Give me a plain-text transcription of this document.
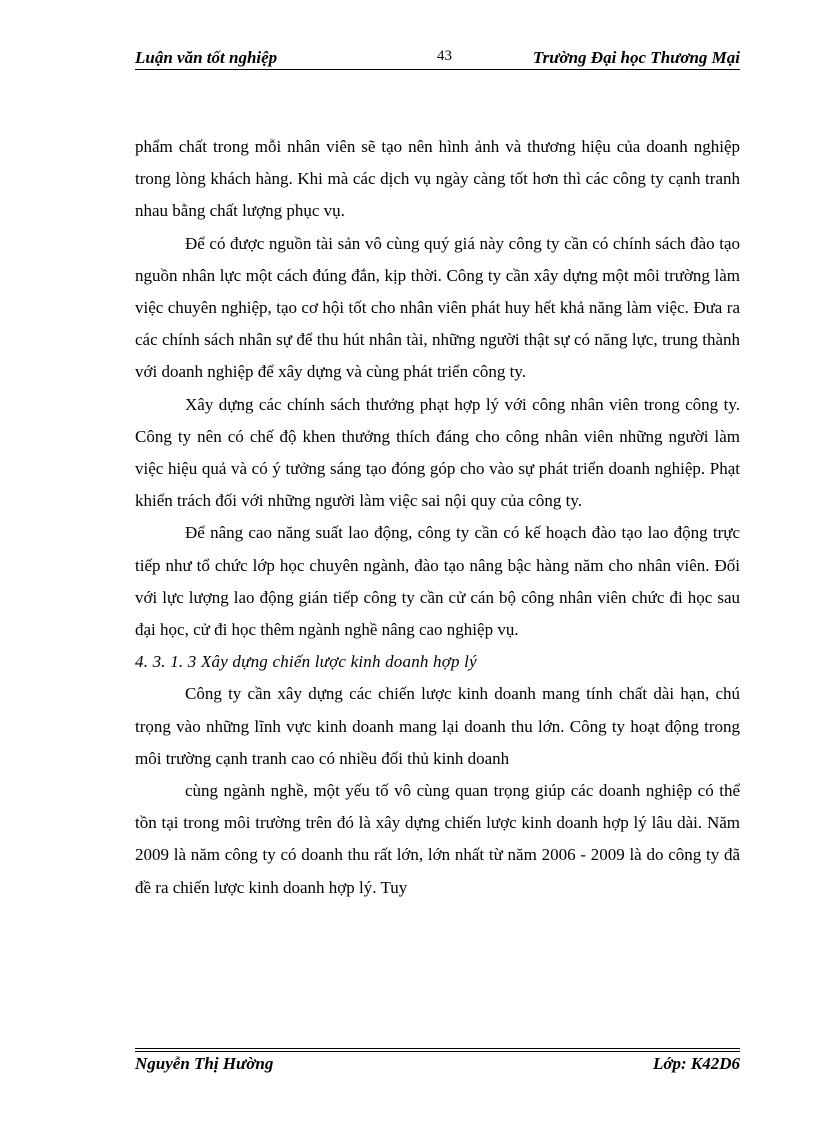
Luận văn tốt nghiệp	43	Trường Đại học Thương Mại

phẩm chất trong mỗi nhân viên sẽ tạo nên hình ảnh và thương hiệu của doanh nghiệp trong lòng khách hàng. Khi mà các dịch vụ ngày càng tốt hơn thì các công ty cạnh tranh nhau bằng chất lượng phục vụ.

Để có được nguồn tài sản vô cùng quý giá này công ty cần có chính sách đào tạo nguồn nhân lực một cách đúng đắn, kịp thời. Công ty cần xây dựng một môi trường làm việc chuyên nghiệp, tạo cơ hội tốt cho nhân viên phát huy hết khả năng làm việc. Đưa ra các chính sách nhân sự để thu hút nhân tài, những người thật sự có năng lực, trung thành với doanh nghiệp để xây dựng và cùng phát triển công ty.

Xây dựng các chính sách thưởng phạt hợp lý với công nhân viên trong công ty. Công ty nên có chế độ khen thưởng thích đáng cho công nhân viên những người làm việc hiệu quả và có ý tưởng sáng tạo đóng góp cho vào sự phát triển doanh nghiệp. Phạt khiển trách đối với những người làm việc sai nội quy của công ty.

Để nâng cao năng suất lao động, công ty cần có kế hoạch đào tạo lao động trực tiếp như tổ chức lớp học chuyên ngành, đào tạo nâng bậc hàng năm cho nhân viên. Đối với lực lượng lao động gián tiếp công ty cần cử cán bộ công nhân viên chức đi học sau đại học, cử đi học thêm ngành nghề nâng cao nghiệp vụ.

4. 3. 1. 3 Xây dựng chiến lược kinh doanh hợp lý

Công ty cần xây dựng các chiến lược kinh doanh mang tính chất dài hạn, chú trọng vào những lĩnh vực kinh doanh mang lại doanh thu lớn. Công ty hoạt động trong môi trường cạnh tranh cao có nhiều đối thủ kinh doanh

cùng ngành nghề, một yếu tố vô cùng quan trọng giúp các doanh nghiệp có thể tồn tại trong môi trường trên đó là xây dựng chiến lược kinh doanh hợp lý lâu dài. Năm 2009 là năm công ty có doanh thu rất lớn, lớn nhất từ năm 2006 - 2009 là do công ty đã đề ra chiến lược kinh doanh hợp lý. Tuy

Nguyễn Thị Hường	Lớp: K42D6
